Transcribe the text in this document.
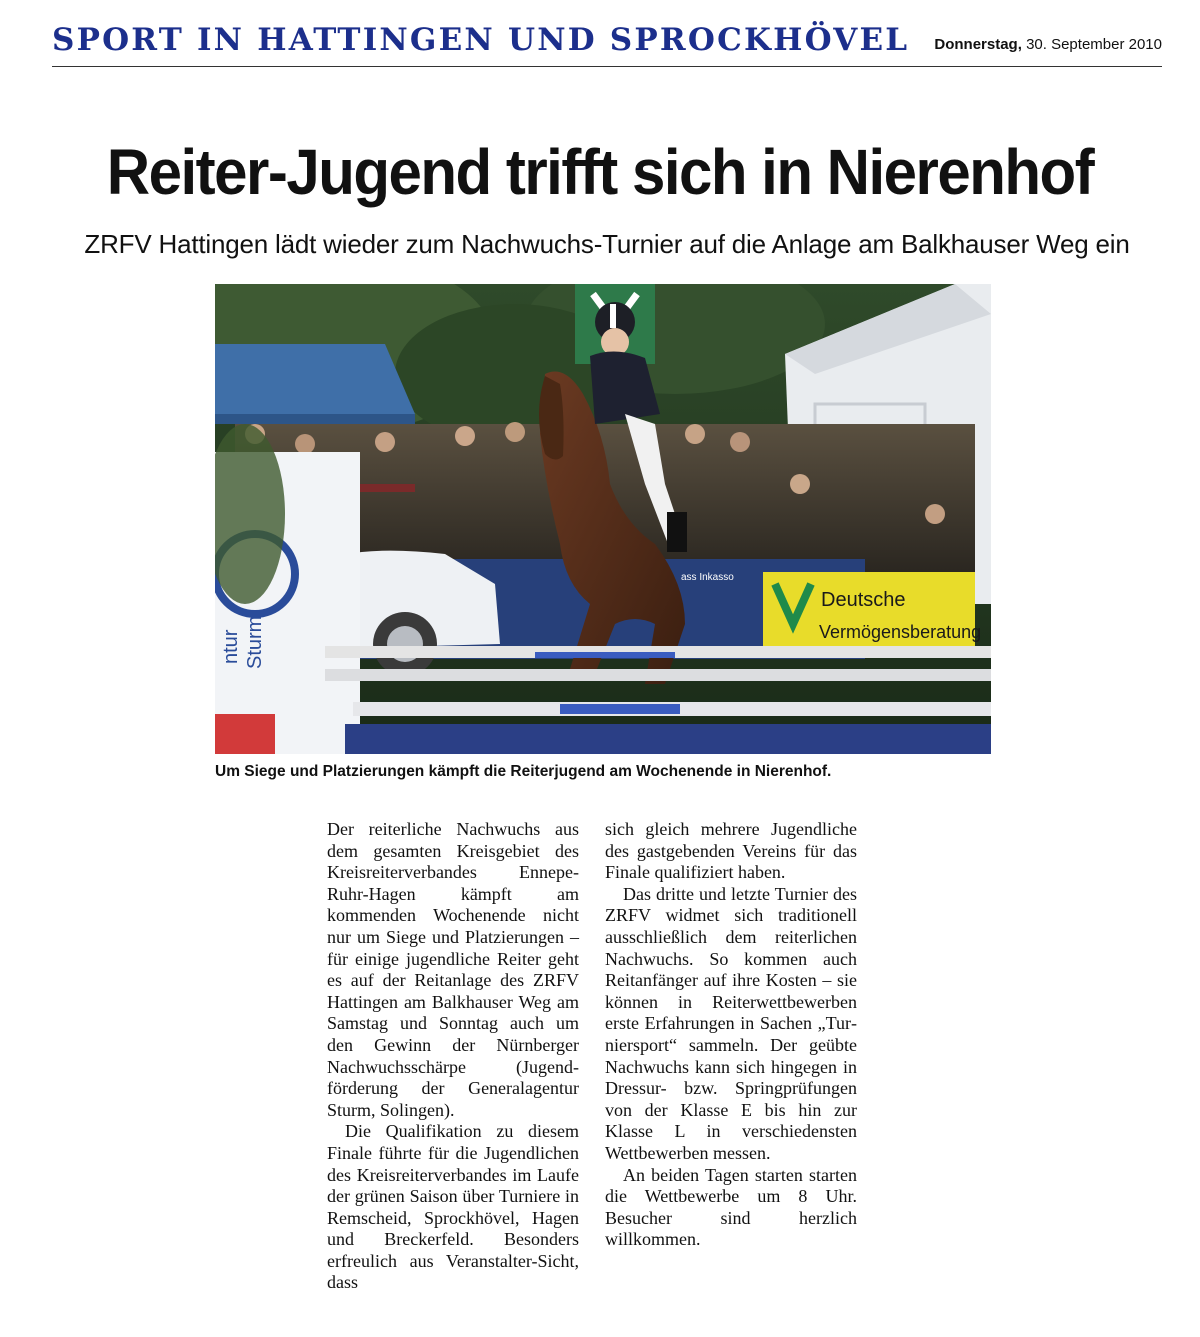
SPORT IN HATTINGEN UND SPROCKHÖVEL Donnerstag, 30. September 2010
Reiter-Jugend trifft sich in Nierenhof
ZRFV Hattingen lädt wieder zum Nachwuchs-Turnier auf die Anlage am Balkhauser Weg ein
ass Inkasso
ntur Sturm
Deutsche
Vermögensberatung
Um Siege und Platzierungen kämpft die Reiterjugend am Wochenende in Nierenhof.

Der reiterliche Nachwuchs aus dem gesamten Kreisgebiet des Kreisreiterverbandes Ennepe-Ruhr-Hagen kämpft am kommenden Wochenende nicht nur um Siege und Platzierungen – für einige jugendliche Reiter geht es auf der Reitanlage des ZRFV Hattingen am Balkhauser Weg am Samstag und Sonntag auch um den Gewinn der Nürnberger Nachwuchsschärpe (Jugendförderung der Generalagentur Sturm, Solingen).

Die Qualifikation zu diesem Finale führte für die Jugendlichen des Kreisreiterverbandes im Laufe der grünen Saison über Turniere in Remscheid, Sprockhövel, Hagen und Breckerfeld. Besonders erfreulich aus Veranstalter-Sicht, dass

sich gleich mehrere Jugendliche des gastgebenden Vereins für das Finale qualifiziert haben.

Das dritte und letzte Turnier des ZRFV widmet sich traditionell ausschließlich dem reiterlichen Nachwuchs. So kommen auch Reitanfänger auf ihre Kosten – sie können in Reiterwettbewerben erste Erfahrungen in Sachen „Turniersport“ sammeln. Der geübte Nachwuchs kann sich hingegen in Dressur- bzw. Springprüfungen von der Klasse E bis hin zur Klasse L in verschiedensten Wettbewerben messen.

An beiden Tagen starten starten die Wettbewerbe um 8 Uhr. Besucher sind herzlich willkommen.
